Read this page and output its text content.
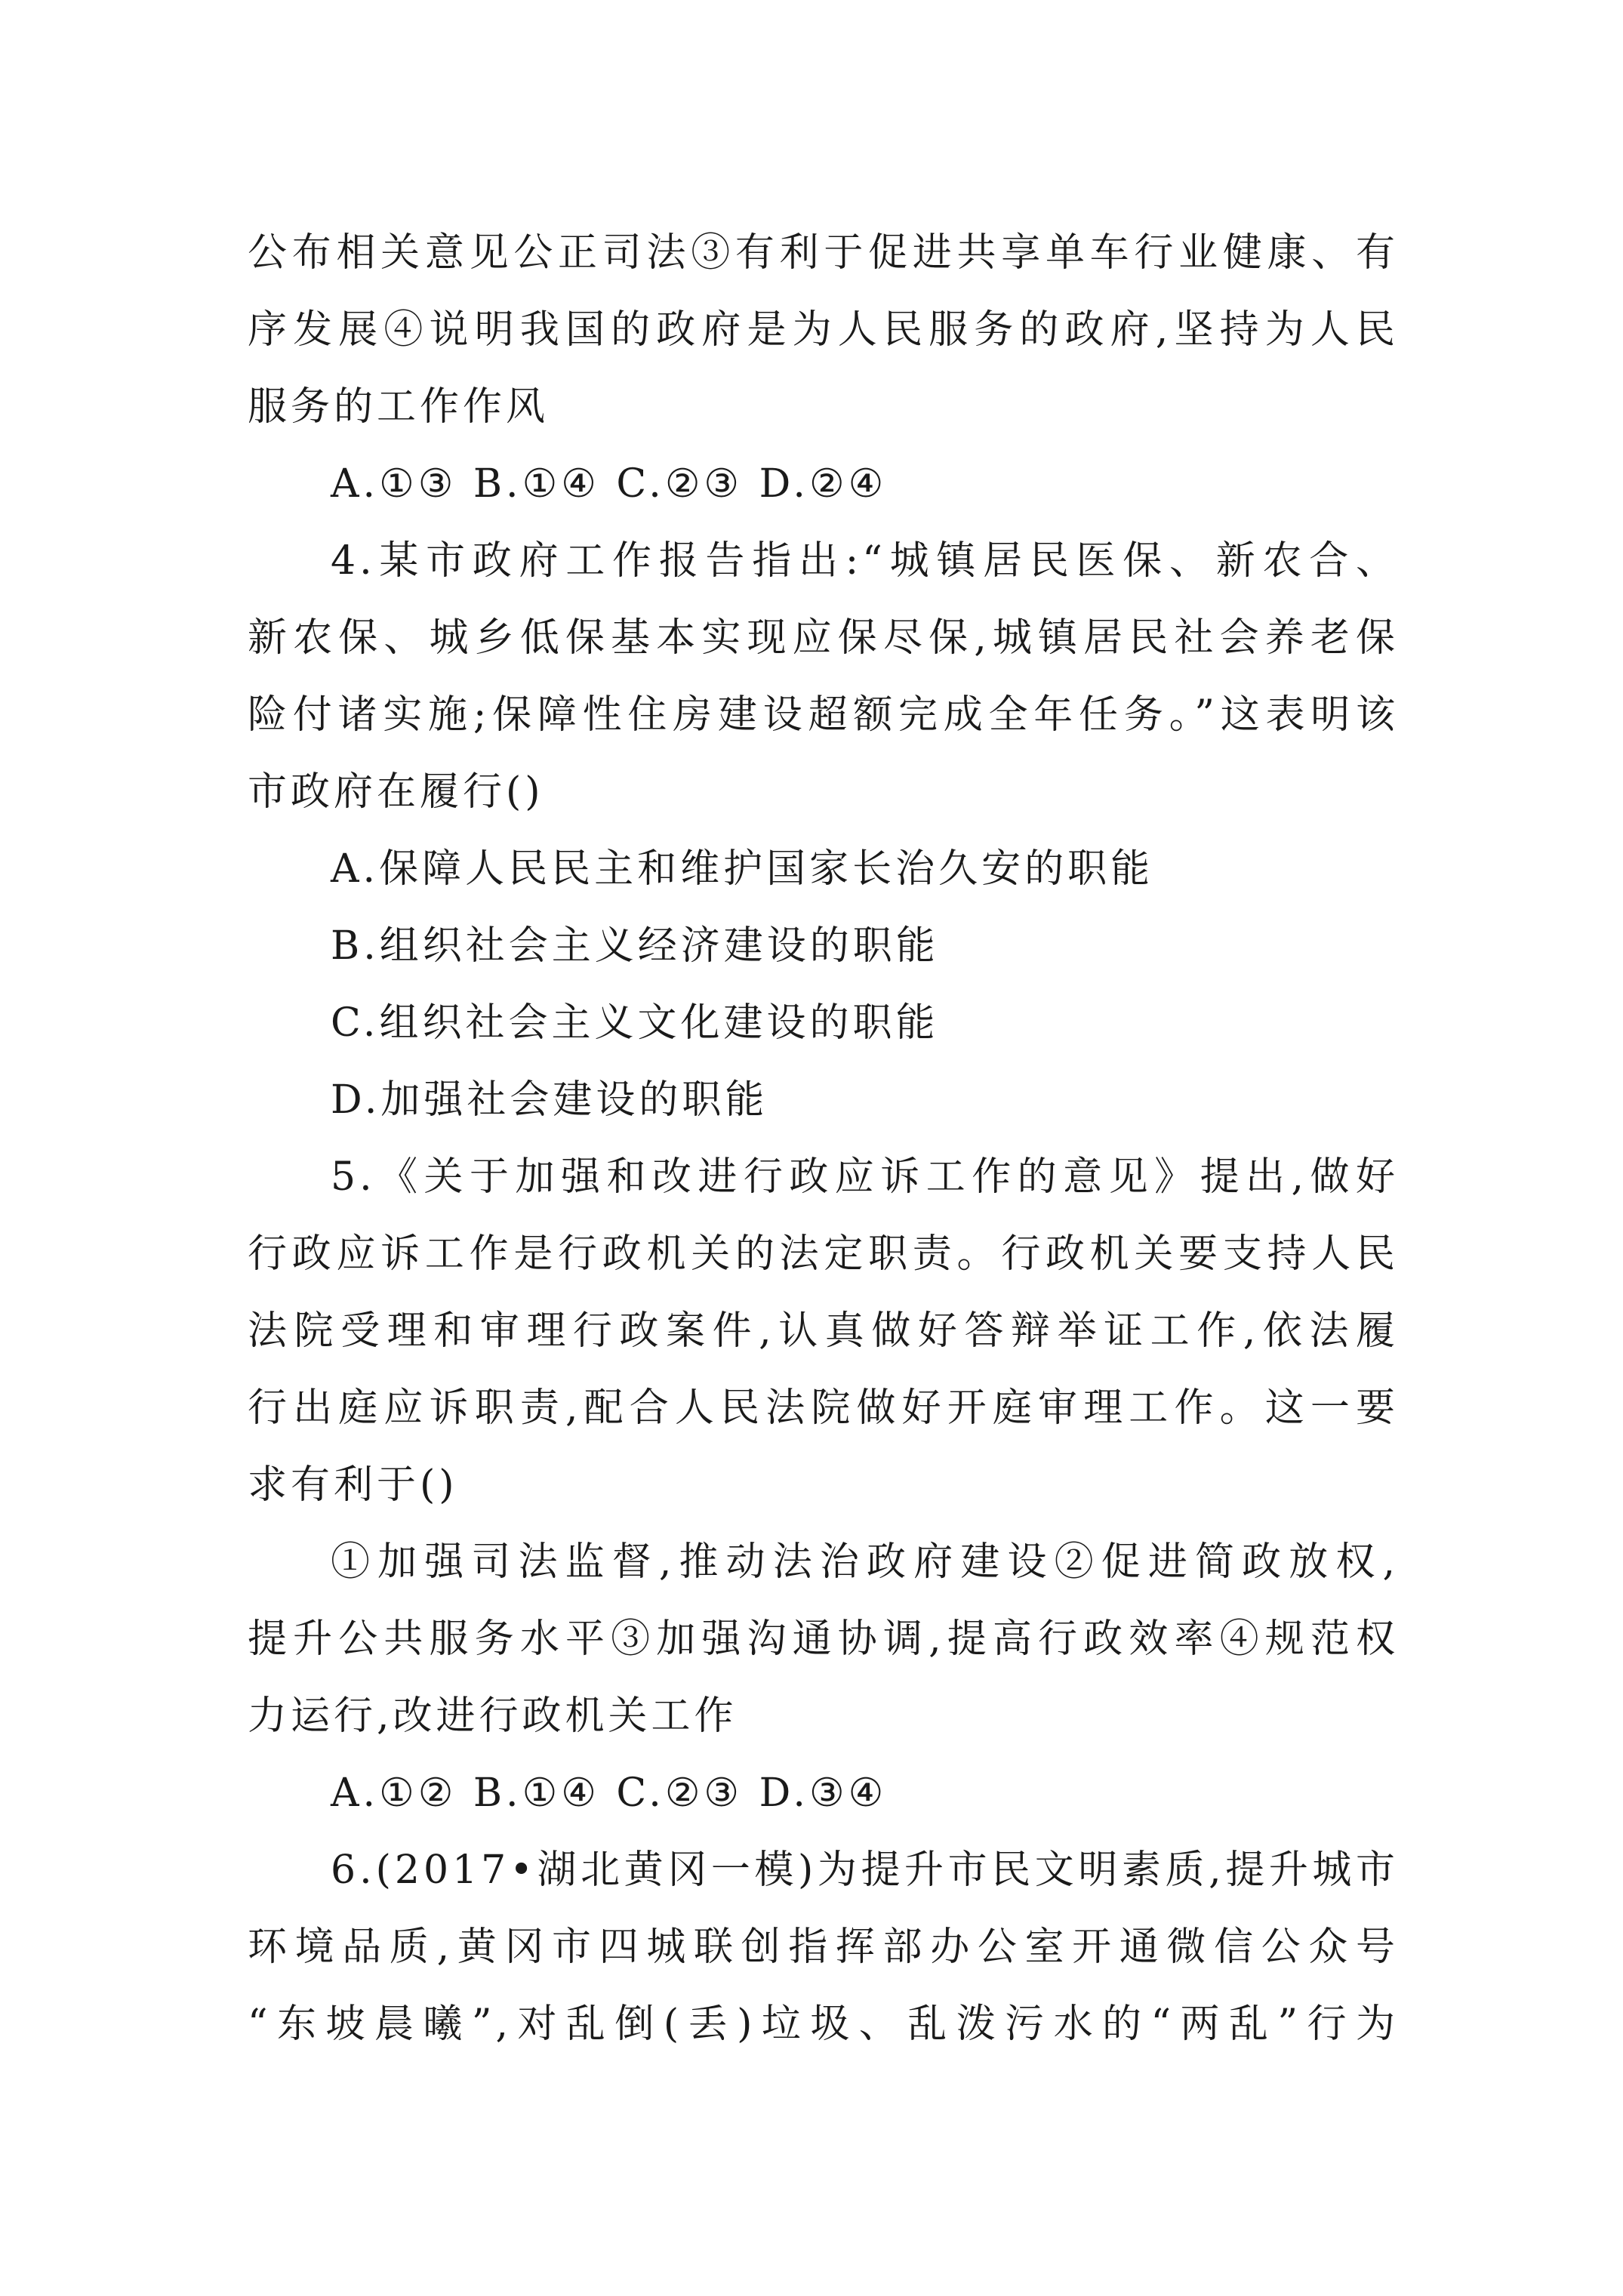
公布相关意见公正司法③有利于促进共享单车行业健康、有
序发展④说明我国的政府是为人民服务的政府,坚持为人民
服务的工作作风
A.①③ B.①④ C.②③ D.②④
4.某市政府工作报告指出:“城镇居民医保、新农合、
新农保、城乡低保基本实现应保尽保,城镇居民社会养老保
险付诸实施;保障性住房建设超额完成全年任务。”这表明该
市政府在履行()
A.保障人民民主和维护国家长治久安的职能
B.组织社会主义经济建设的职能
C.组织社会主义文化建设的职能
D.加强社会建设的职能
5.《关于加强和改进行政应诉工作的意见》提出,做好
行政应诉工作是行政机关的法定职责。行政机关要支持人民
法院受理和审理行政案件,认真做好答辩举证工作,依法履
行出庭应诉职责,配合人民法院做好开庭审理工作。这一要
求有利于()
①加强司法监督,推动法治政府建设②促进简政放权,
提升公共服务水平③加强沟通协调,提高行政效率④规范权
力运行,改进行政机关工作
A.①② B.①④ C.②③ D.③④
6.(2017•湖北黄冈一模)为提升市民文明素质,提升城市
环境品质,黄冈市四城联创指挥部办公室开通微信公众号
“东坡晨曦”,对乱倒(丢)垃圾、乱泼污水的“两乱”行为
